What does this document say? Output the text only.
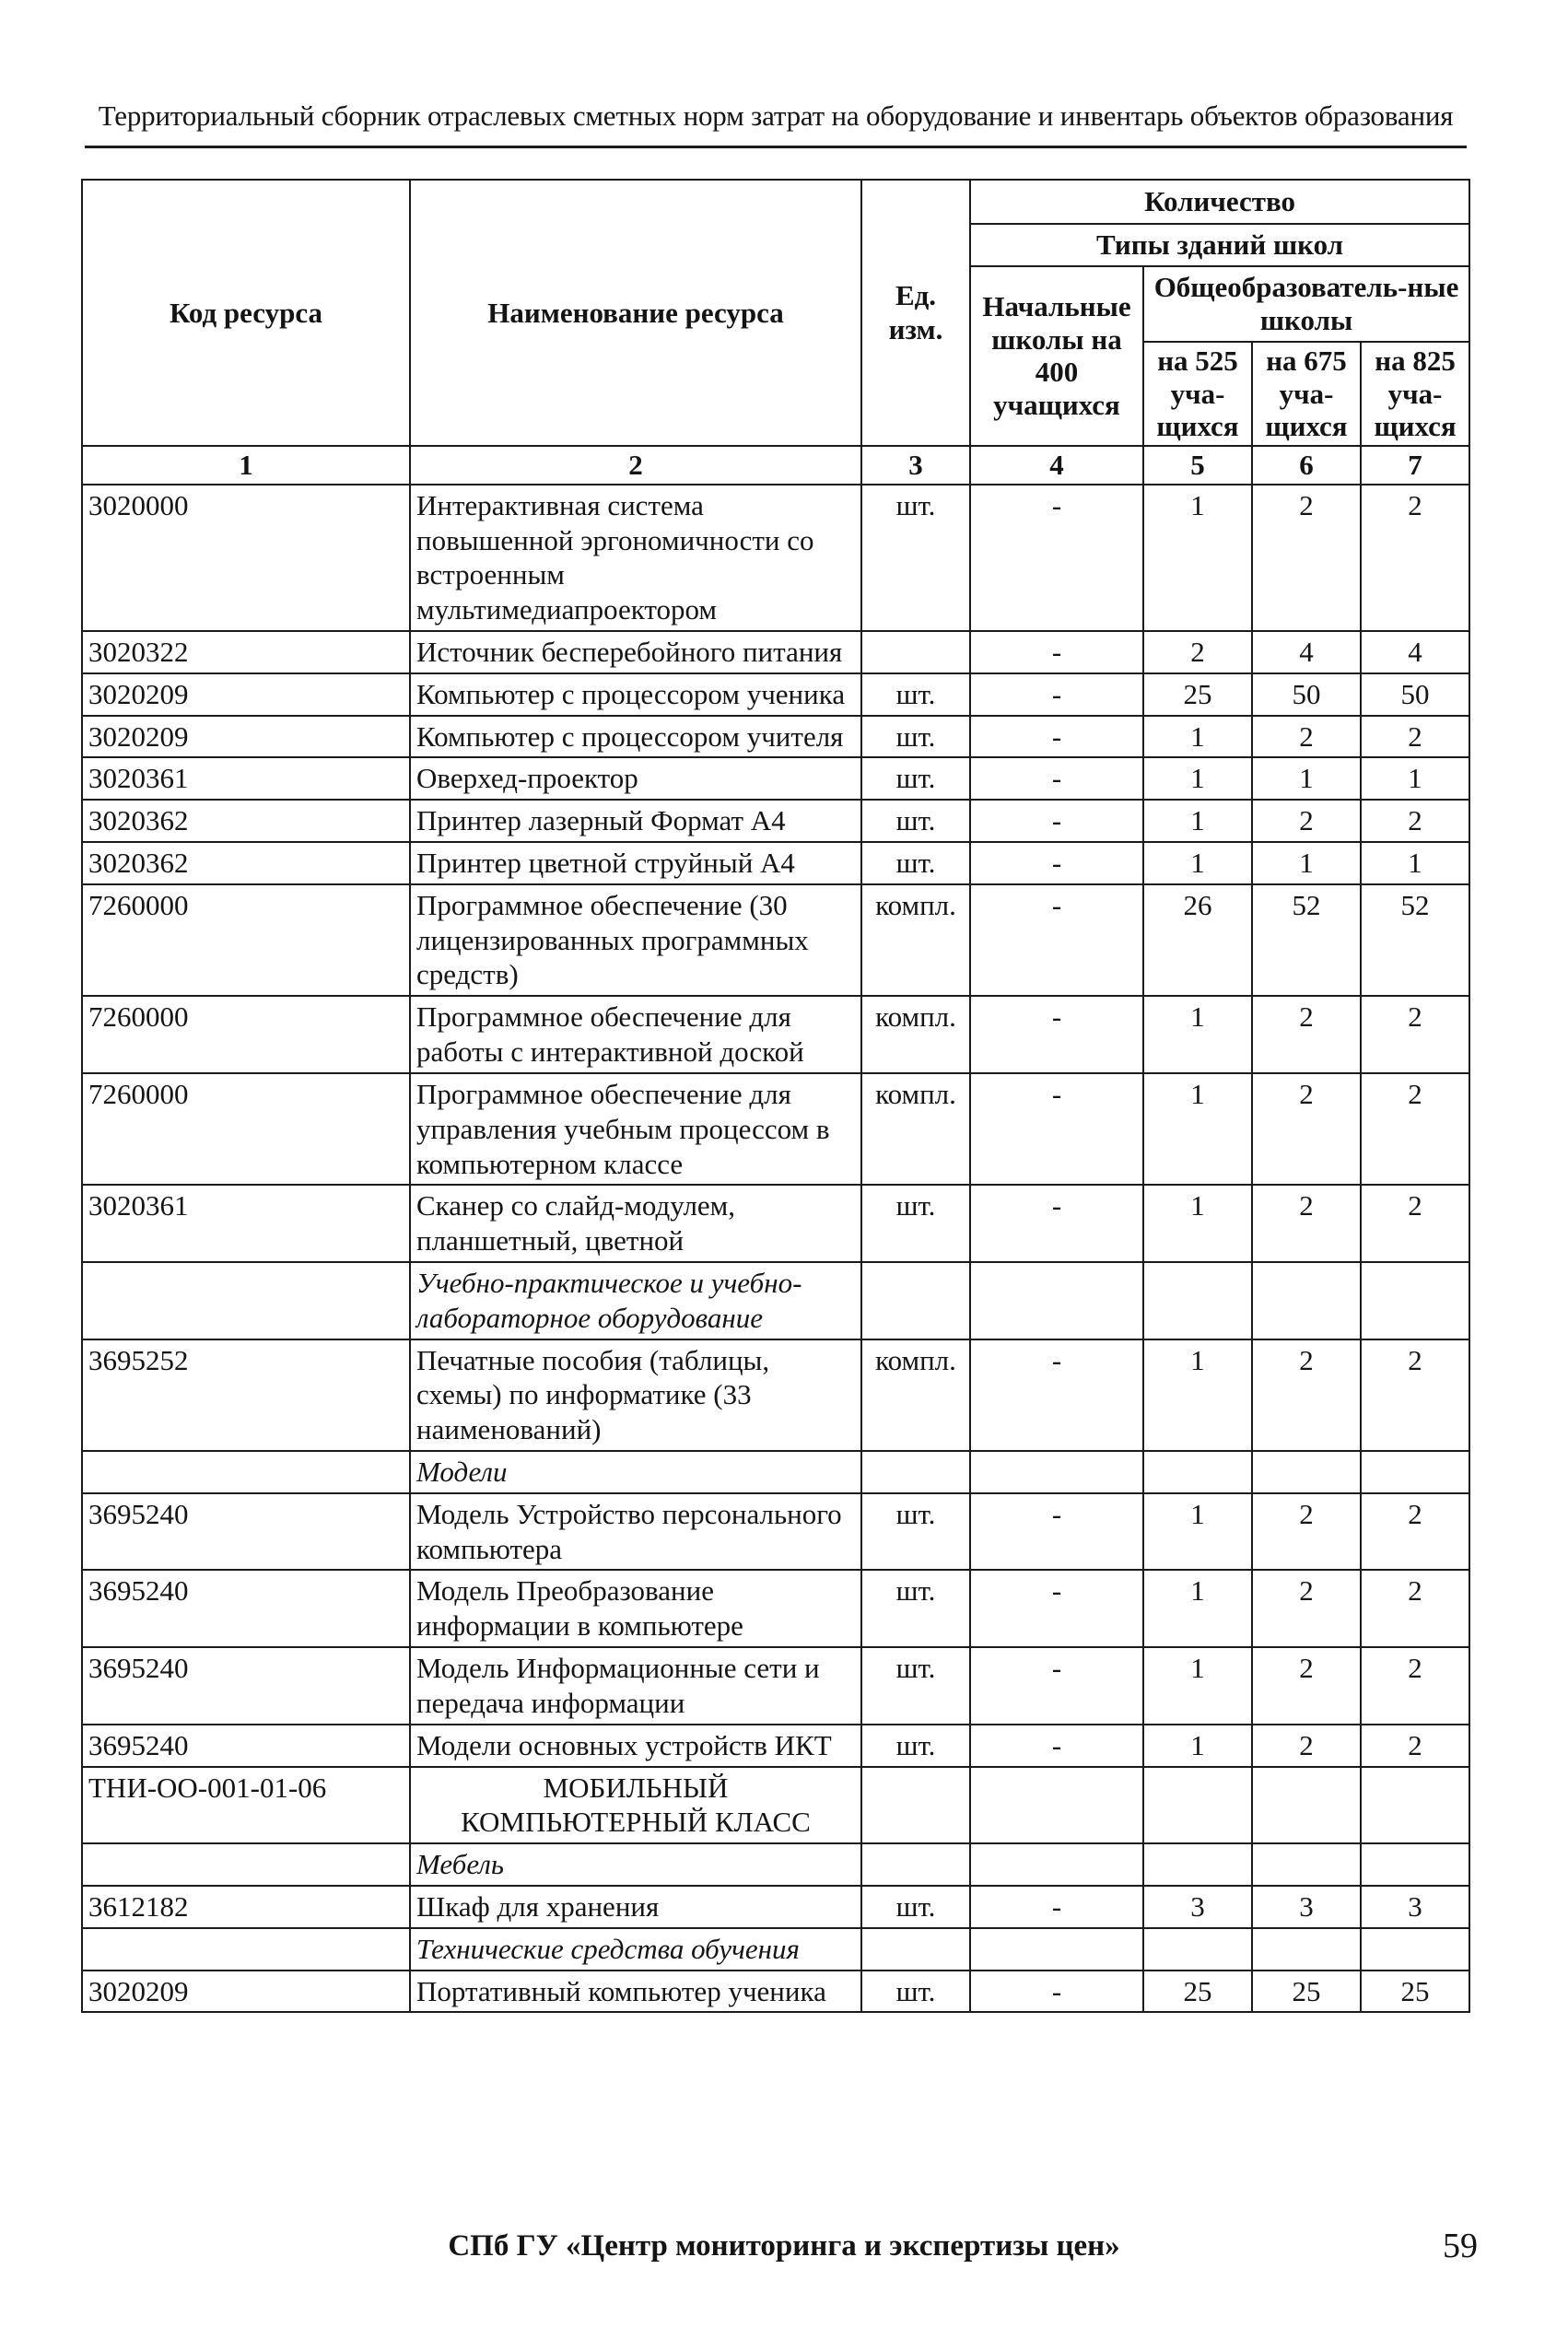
Территориальный сборник отраслевых сметных норм затрат на оборудование и инвентарь объектов образования
Код ресурса	Наименование ресурса	Ед. изм.	Количество			
			Типы зданий школ			
			Начальные школы на 400 учащихся	Общеобразователь-ные школы		
				на 525 уча-щихся	на 675 уча-щихся	на 825 уча-щихся
1	2	3	4	5	6	7
3020000	Интерактивная система повышенной эргономичности со встроенным мультимедиапроектором	шт.	-	1	2	2
3020322	Источник бесперебойного питания		-	2	4	4
3020209	Компьютер с процессором ученика	шт.	-	25	50	50
3020209	Компьютер с процессором учителя	шт.	-	1	2	2
3020361	Оверхед-проектор	шт.	-	1	1	1
3020362	Принтер лазерный Формат А4	шт.	-	1	2	2
3020362	Принтер цветной струйный А4	шт.	-	1	1	1
7260000	Программное обеспечение (30 лицензированных программных средств)	компл.	-	26	52	52
7260000	Программное обеспечение для работы с интерактивной доской	компл.	-	1	2	2
7260000	Программное обеспечение для управления учебным процессом в компьютерном классе	компл.	-	1	2	2
3020361	Сканер со слайд-модулем, планшетный, цветной	шт.	-	1	2	2
	Учебно-практическое и учебно-лабораторное оборудование					
3695252	Печатные пособия (таблицы, схемы) по информатике (33 наименований)	компл.	-	1	2	2
	Модели					
3695240	Модель Устройство персонального компьютера	шт.	-	1	2	2
3695240	Модель Преобразование информации в компьютере	шт.	-	1	2	2
3695240	Модель Информационные сети и передача информации	шт.	-	1	2	2
3695240	Модели основных устройств ИКТ	шт.	-	1	2	2
ТНИ-ОО-001-01-06	МОБИЛЬНЫЙ КОМПЬЮТЕРНЫЙ КЛАСС					
	Мебель					
3612182	Шкаф для хранения	шт.	-	3	3	3
	Технические средства обучения					
3020209	Портативный компьютер ученика	шт.	-	25	25	25
СПб ГУ «Центр мониторинга и экспертизы цен»	59
